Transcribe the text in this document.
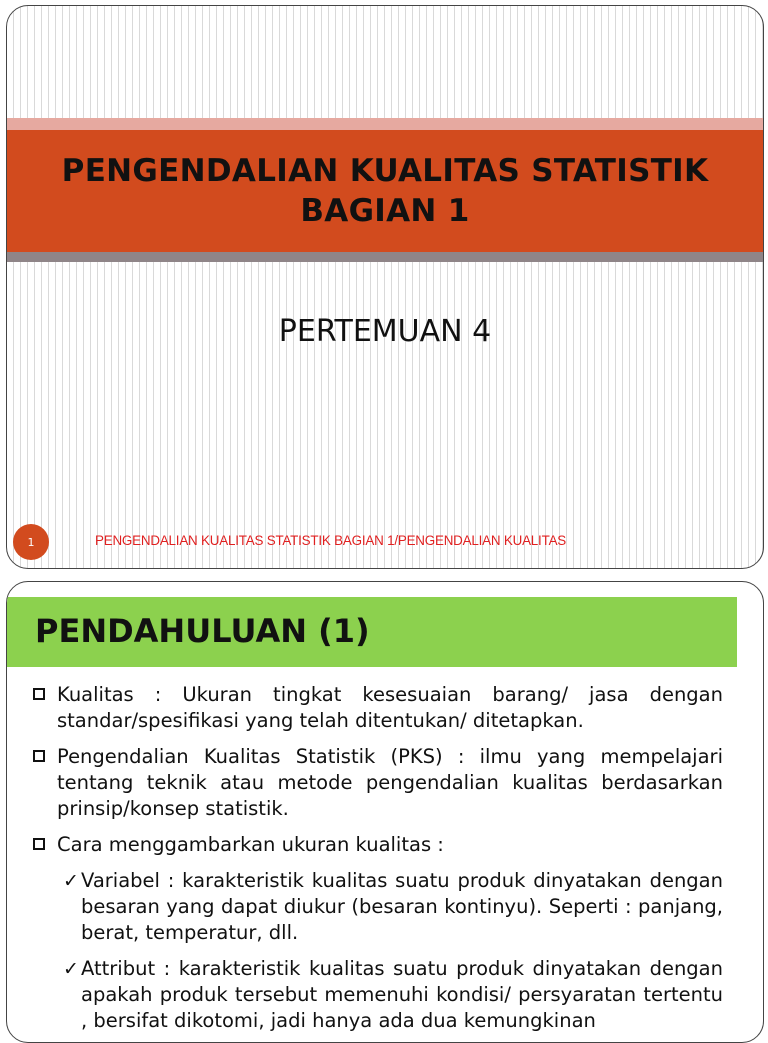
PENGENDALIAN KUALITAS STATISTIK
BAGIAN 1
PERTEMUAN 4
1	PENGENDALIAN KUALITAS STATISTIK BAGIAN 1/PENGENDALIAN KUALITAS
PENDAHULUAN (1)
Kualitas : Ukuran tingkat kesesuaian barang/ jasa dengan standar/spesifikasi yang telah ditentukan/ ditetapkan.
Pengendalian Kualitas Statistik (PKS) : ilmu yang mempelajari tentang teknik atau metode pengendalian kualitas berdasarkan prinsip/konsep statistik.
Cara menggambarkan ukuran kualitas :
✓ Variabel : karakteristik kualitas suatu produk dinyatakan dengan besaran yang dapat diukur (besaran kontinyu). Seperti : panjang, berat, temperatur, dll.
✓ Attribut : karakteristik kualitas suatu produk dinyatakan dengan apakah produk tersebut memenuhi kondisi/ persyaratan tertentu , bersifat dikotomi, jadi hanya ada dua kemungkinan
